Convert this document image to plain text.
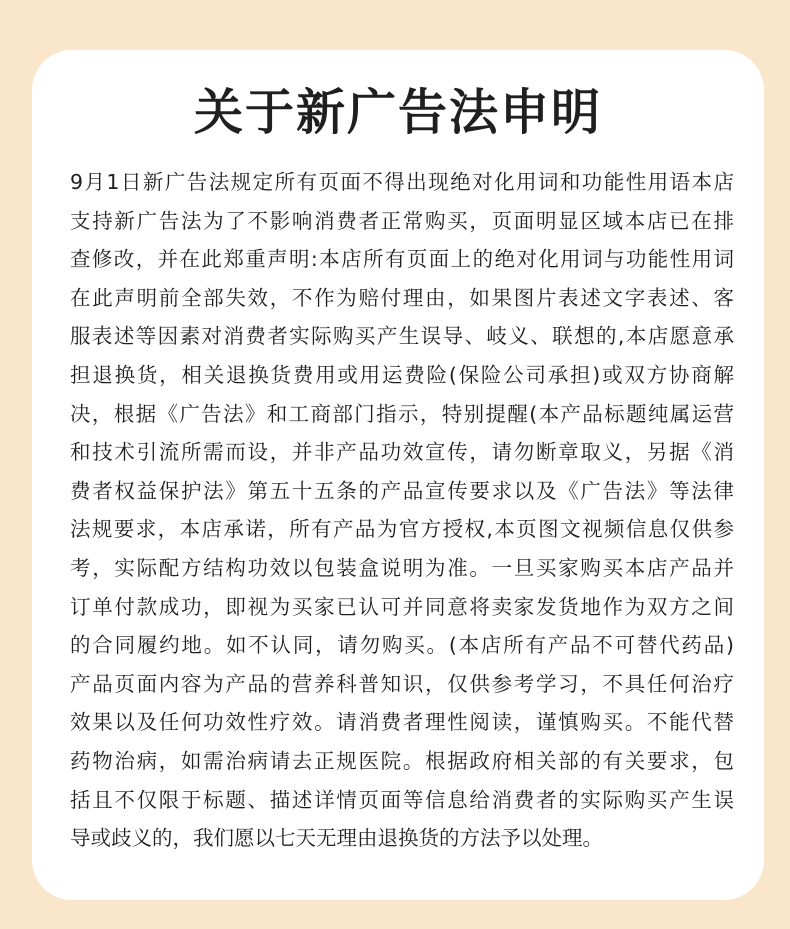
关于新广告法申明
9月1日新广告法规定所有页面不得出现绝对化用词和功能性用语本店
支持新广告法为了不影响消费者正常购买，页面明显区域本店已在排
查修改，并在此郑重声明:本店所有页面上的绝对化用词与功能性用词
在此声明前全部失效，不作为赔付理由，如果图片表述文字表述、客
服表述等因素对消费者实际购买产生误导、岐义、联想的,本店愿意承
担退换货，相关退换货费用或用运费险(保险公司承担)或双方协商解
决，根据《广告法》和工商部门指示，特别提醒(本产品标题纯属运营
和技术引流所需而设，并非产品功效宣传，请勿断章取义，另据《消
费者权益保护法》第五十五条的产品宣传要求以及《广告法》等法律
法规要求，本店承诺，所有产品为官方授权,本页图文视频信息仅供参
考，实际配方结构功效以包装盒说明为准。一旦买家购买本店产品并
订单付款成功，即视为买家已认可并同意将卖家发货地作为双方之间
的合同履约地。如不认同，请勿购买。(本店所有产品不可替代药品)
产品页面内容为产品的营养科普知识，仅供参考学习，不具任何治疗
效果以及任何功效性疗效。请消费者理性阅读，谨慎购买。不能代替
药物治病，如需治病请去正规医院。根据政府相关部的有关要求，包
括且不仅限于标题、描述详情页面等信息给消费者的实际购买产生误
导或歧义的，我们愿以七天无理由退换货的方法予以处理。
